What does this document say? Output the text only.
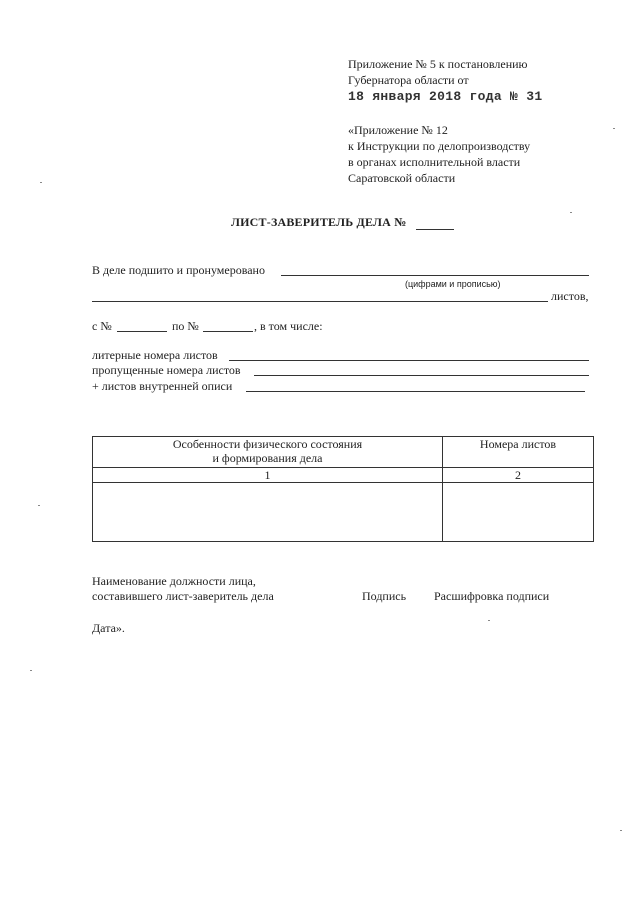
Приложение № 5 к постановлению
Губернатора области от
18 января 2018 года № 31
«Приложение № 12
к Инструкции по делопроизводству
в органах исполнительной власти
Саратовской области
ЛИСТ-ЗАВЕРИТЕЛЬ ДЕЛА №
В деле подшито и пронумеровано
(цифрами и прописью)
листов,
с №	по №	, в том числе:
литерные номера листов
пропущенные номера листов
+ листов внутренней описи
Особенности физического состояния
и формирования дела	Номера листов
1	2

Наименование должности лица,
составившего лист-заверитель дела	Подпись Расшифровка подписи
Дата».
